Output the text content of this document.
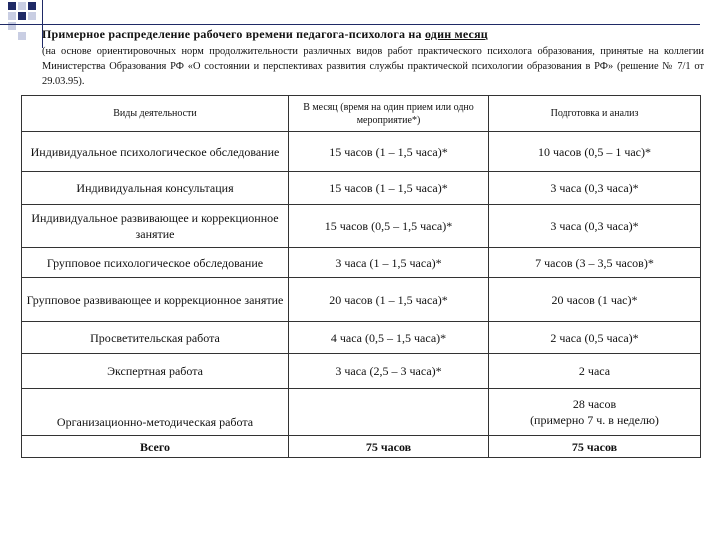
Примерное распределение рабочего времени педагога-психолога на один месяц
(на основе ориентировочных норм продолжительности различных видов работ практического психолога образования, принятые на коллегии Министерства Образования РФ «О состоянии и перспективах развития службы практической психологии образования в РФ» (решение № 7/1 от 29.03.95).
Виды деятельности	В месяц (время на один прием или одно мероприятие*)	Подготовка и анализ
Индивидуальное психологическое обследование	15 часов (1 – 1,5 часа)*	10 часов (0,5 – 1 час)*
Индивидуальная консультация	15 часов (1 – 1,5 часа)*	3 часа (0,3 часа)*
Индивидуальное развивающее и коррекционное занятие	15 часов (0,5 – 1,5 часа)*	3 часа (0,3 часа)*
Групповое психологическое обследование	3 часа (1 – 1,5 часа)*	7 часов (3 – 3,5 часов)*
Групповое развивающее и коррекционное занятие	20 часов (1 – 1,5 часа)*	20 часов (1 час)*
Просветительская работа	4 часа (0,5 – 1,5 часа)*	2 часа (0,5 часа)*
Экспертная работа	3 часа (2,5 – 3 часа)*	2 часа
Организационно-методическая работа		28 часов
(примерно 7 ч. в неделю)

Всего	75 часов	75 часов
